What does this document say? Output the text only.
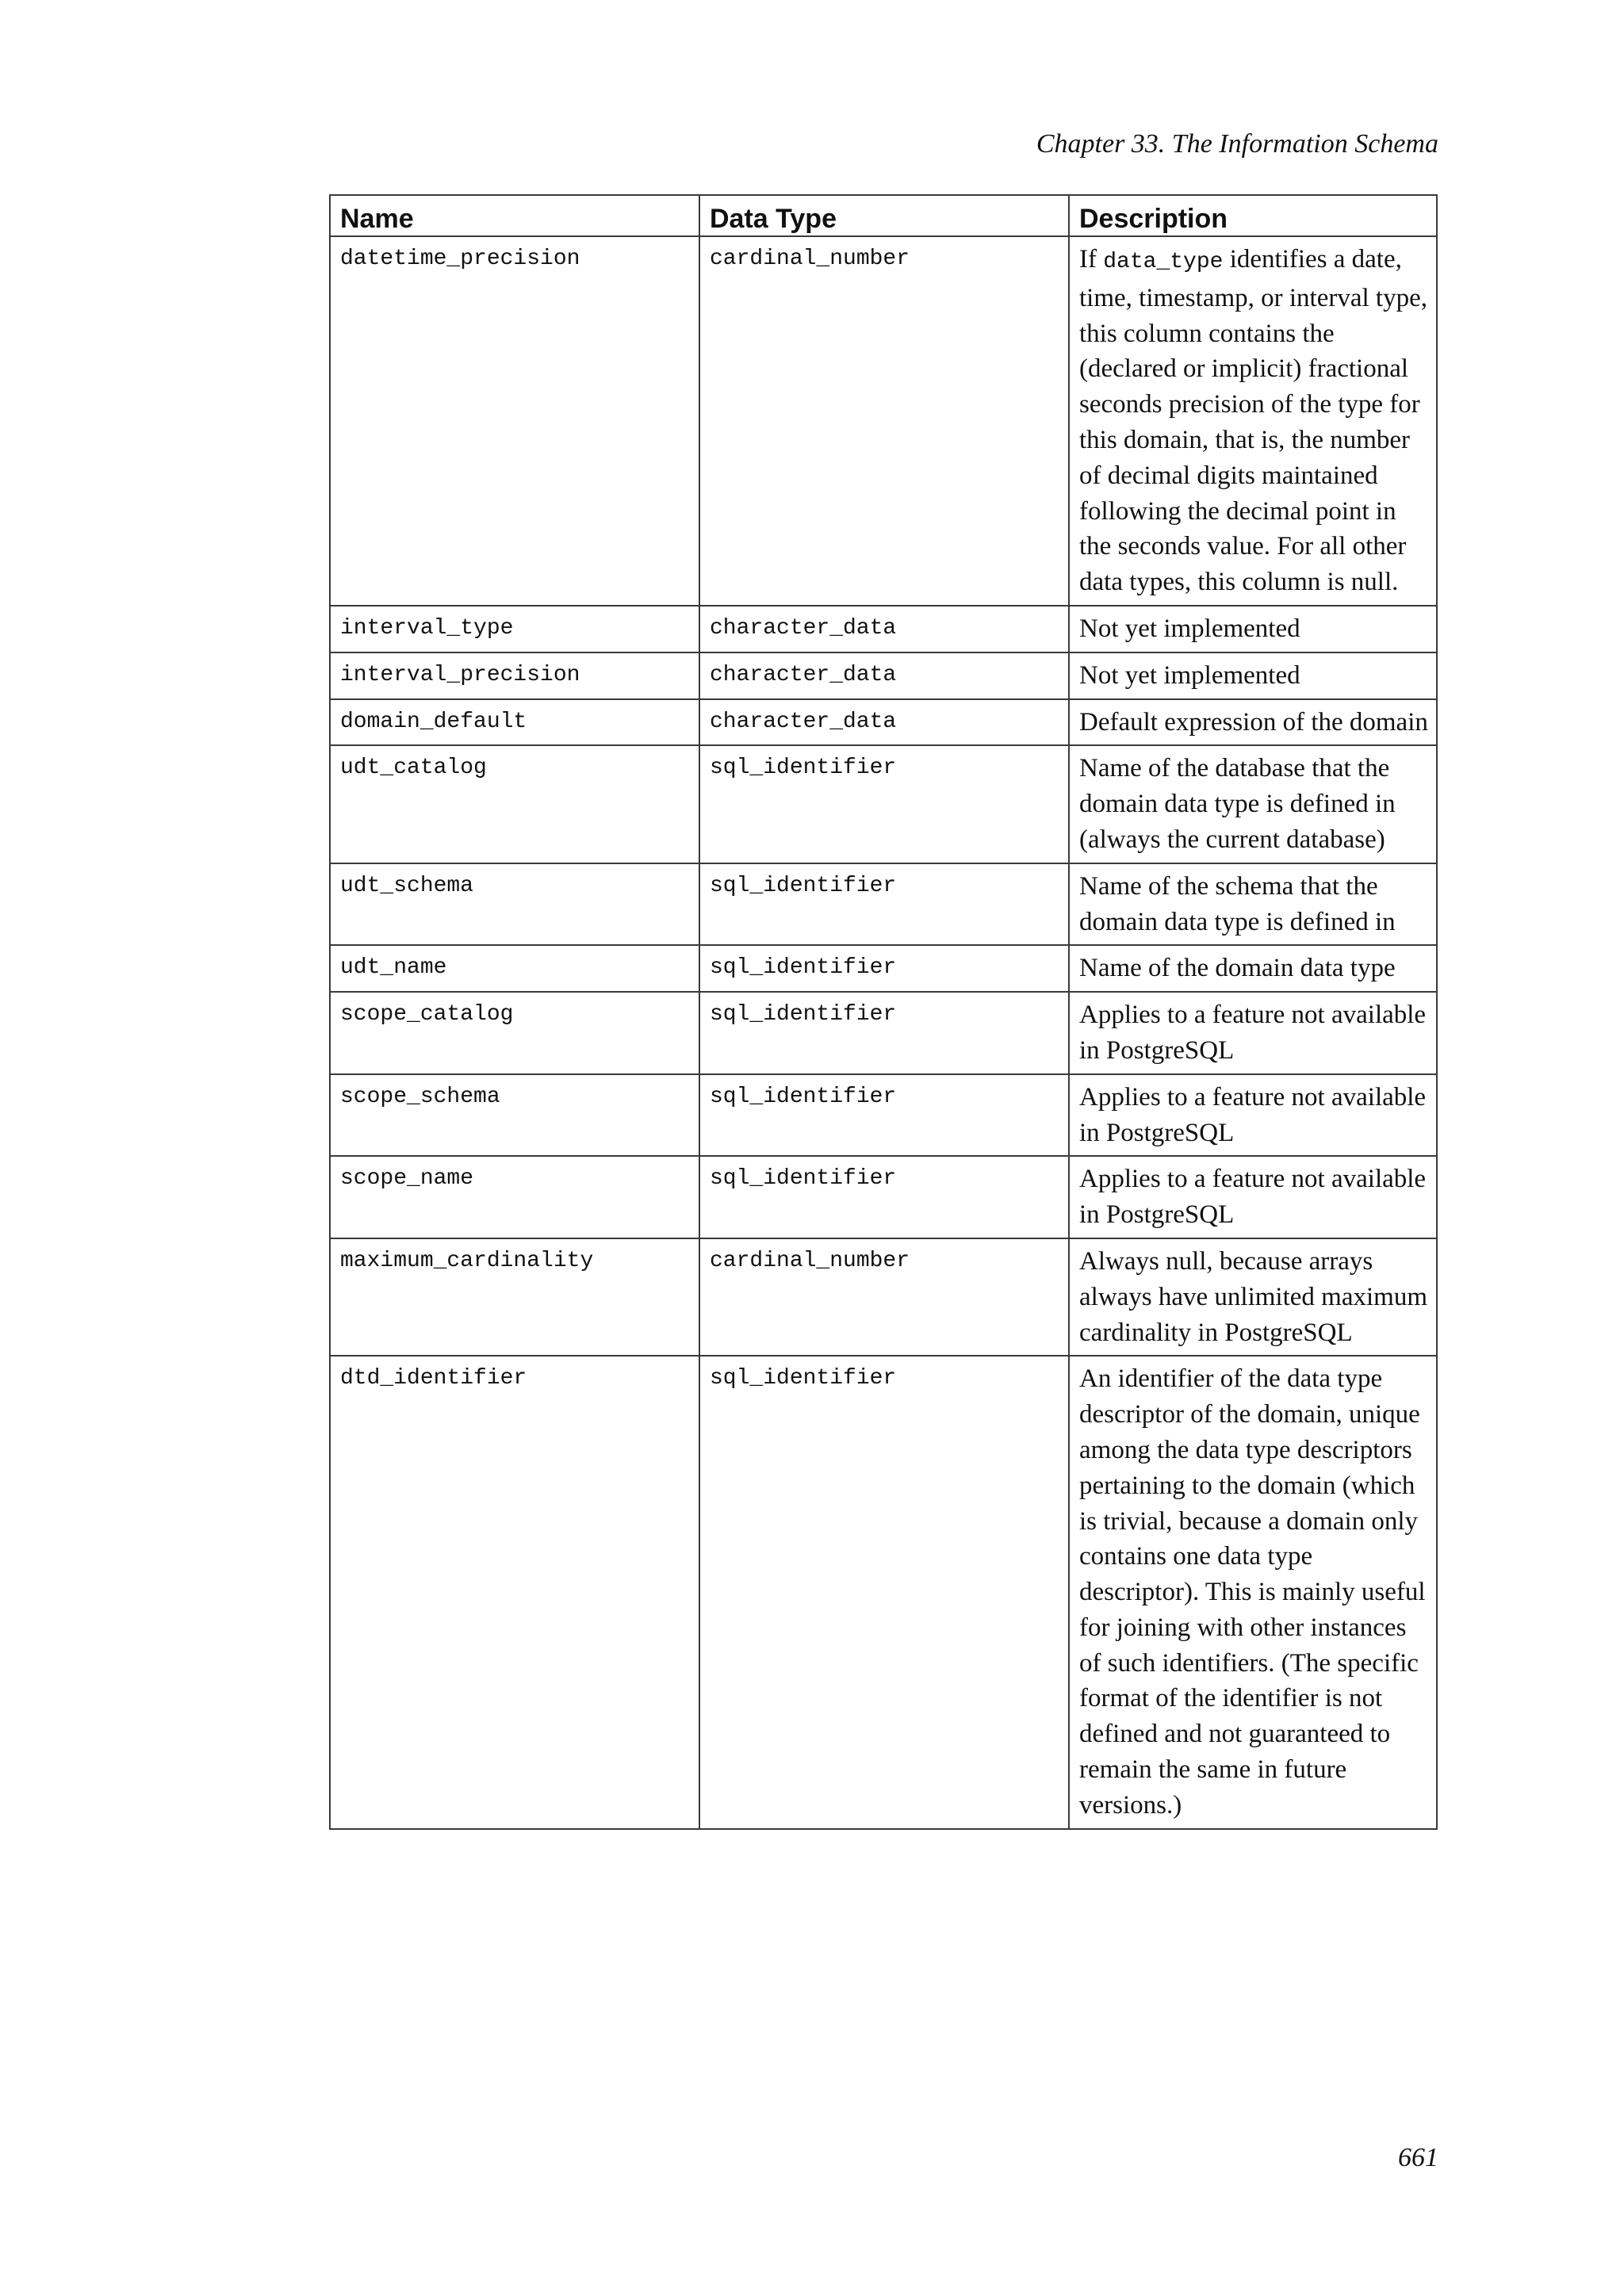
Chapter 33. The Information Schema
Name	Data Type	Description
datetime_precision	cardinal_number	If data_type identifies a date, time, timestamp, or interval type, this column contains the (declared or implicit) fractional seconds precision of the type for this domain, that is, the number of decimal digits maintained following the decimal point in the seconds value. For all other data types, this column is null.
interval_type	character_data	Not yet implemented
interval_precision	character_data	Not yet implemented
domain_default	character_data	Default expression of the domain
udt_catalog	sql_identifier	Name of the database that the domain data type is defined in (always the current database)
udt_schema	sql_identifier	Name of the schema that the domain data type is defined in
udt_name	sql_identifier	Name of the domain data type
scope_catalog	sql_identifier	Applies to a feature not available in PostgreSQL
scope_schema	sql_identifier	Applies to a feature not available in PostgreSQL
scope_name	sql_identifier	Applies to a feature not available in PostgreSQL
maximum_cardinality	cardinal_number	Always null, because arrays always have unlimited maximum cardinality in PostgreSQL
dtd_identifier	sql_identifier	An identifier of the data type descriptor of the domain, unique among the data type descriptors pertaining to the domain (which is trivial, because a domain only contains one data type descriptor). This is mainly useful for joining with other instances of such identifiers. (The specific format of the identifier is not defined and not guaranteed to remain the same in future versions.)
661
